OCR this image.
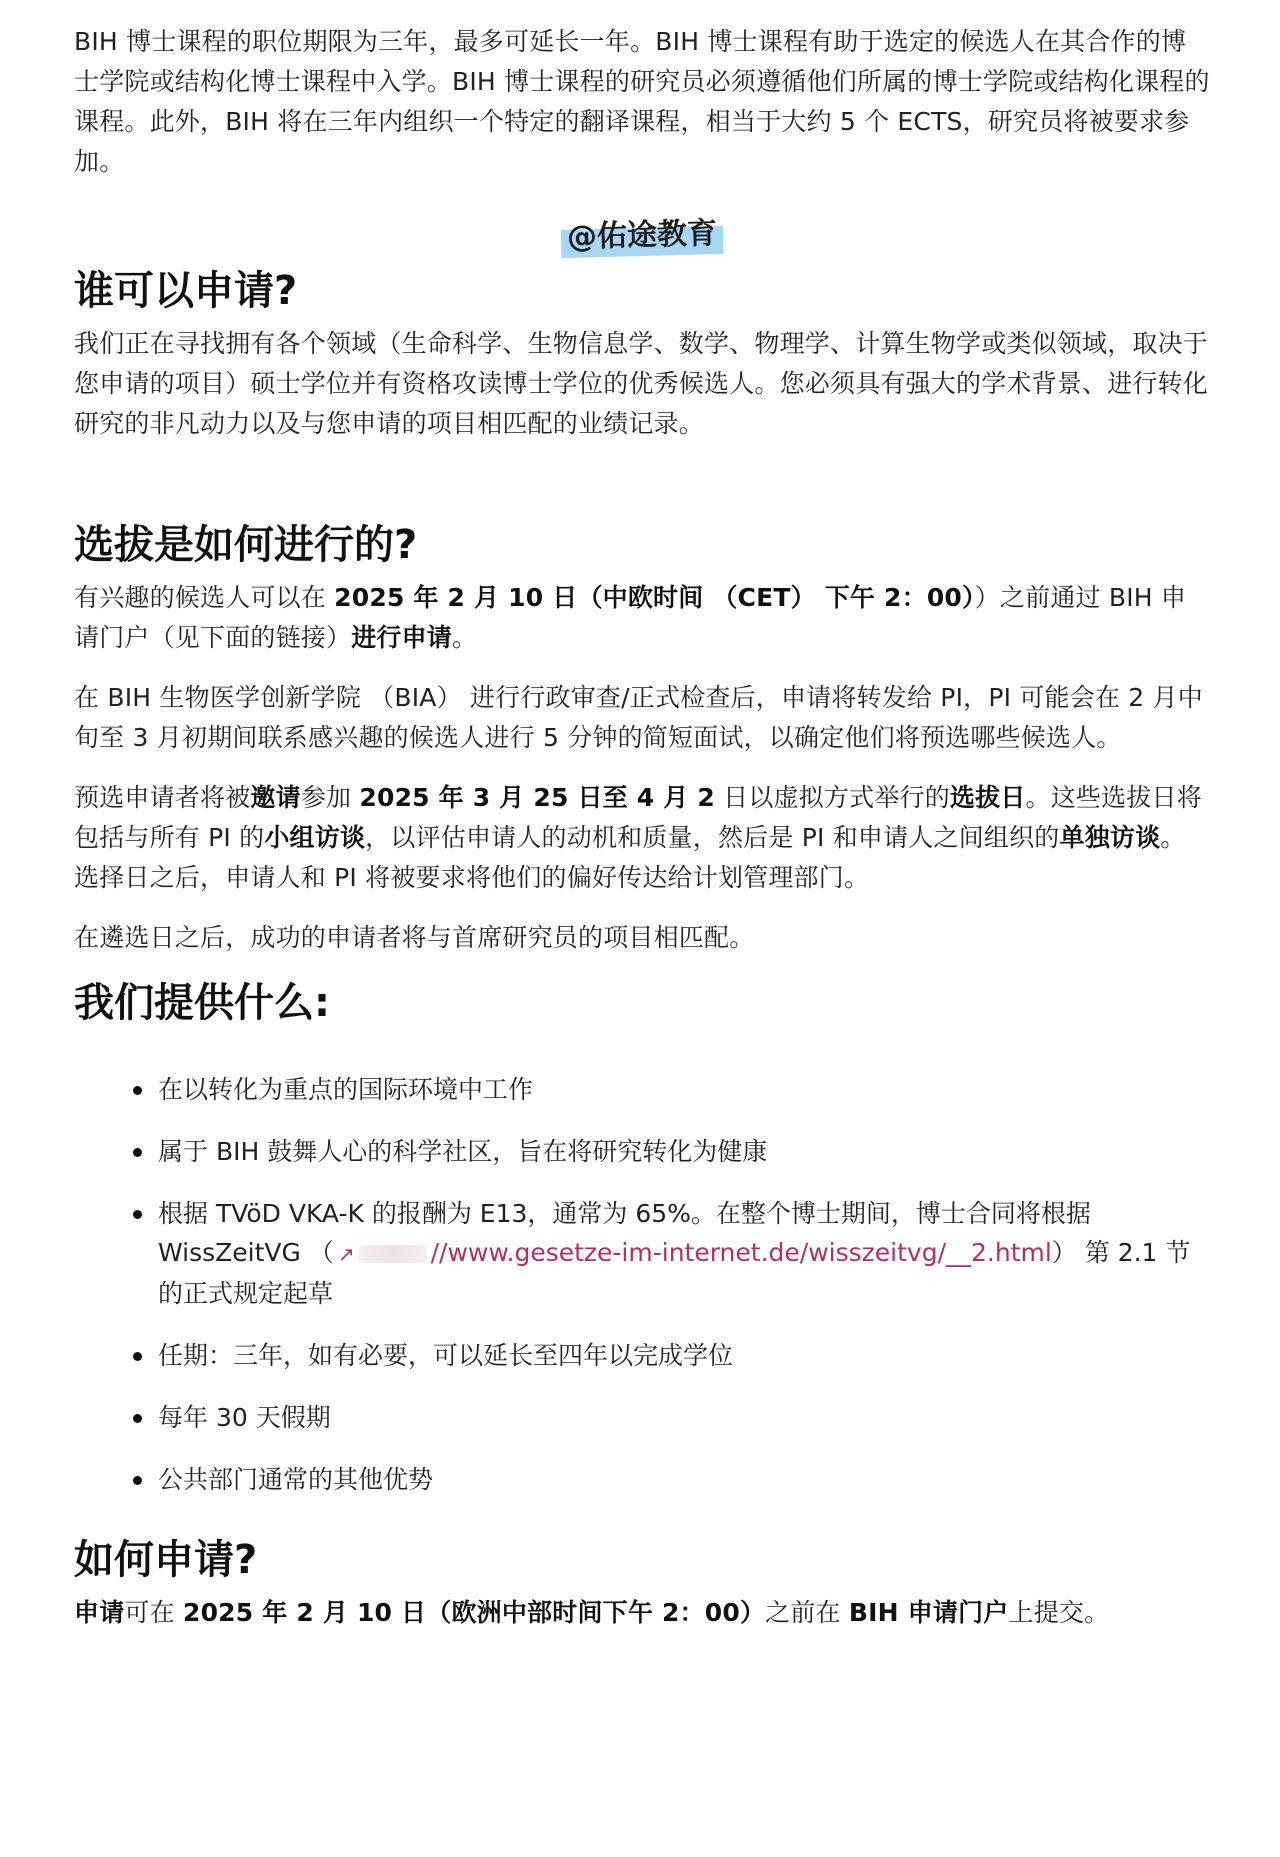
BIH 博士课程的职位期限为三年，最多可延长一年。BIH 博士课程有助于选定的候选人在其合作的博士学院或结构化博士课程中入学。BIH 博士课程的研究员必须遵循他们所属的博士学院或结构化课程的课程。此外，BIH 将在三年内组织一个特定的翻译课程，相当于大约 5 个 ECTS，研究员将被要求参加。

@佑途教育
谁可以申请?

我们正在寻找拥有各个领域（生命科学、生物信息学、数学、物理学、计算生物学或类似领域，取决于您申请的项目）硕士学位并有资格攻读博士学位的优秀候选人。您必须具有强大的学术背景、进行转化研究的非凡动力以及与您申请的项目相匹配的业绩记录。

选拔是如何进行的?

有兴趣的候选人可以在 2025 年 2 月 10 日（中欧时间 （CET） 下午 2：00））之前通过 BIH 申请门户（见下面的链接）进行申请。

在 BIH 生物医学创新学院 （BIA） 进行行政审查/正式检查后，申请将转发给 PI，PI 可能会在 2 月中旬至 3 月初期间联系感兴趣的候选人进行 5 分钟的简短面试，以确定他们将预选哪些候选人。

预选申请者将被邀请参加 2025 年 3 月 25 日至 4 月 2 日以虚拟方式举行的选拔日。这些选拔日将包括与所有 PI 的小组访谈，以评估申请人的动机和质量，然后是 PI 和申请人之间组织的单独访谈。选择日之后，申请人和 PI 将被要求将他们的偏好传达给计划管理部门。

在遴选日之后，成功的申请者将与首席研究员的项目相匹配。

我们提供什么:
在以转化为重点的国际环境中工作
属于 BIH 鼓舞人心的科学社区，旨在将研究转化为健康
根据 TVöD VKA-K 的报酬为 E13，通常为 65%。在整个博士期间，博士合同将根据 WissZeitVG （ ↗	//www.gesetze-im-internet.de/wisszeitvg/__2.html） 第 2.1 节的正式规定起草
任期：三年，如有必要，可以延长至四年以完成学位
每年 30 天假期
公共部门通常的其他优势
如何申请?

申请可在 2025 年 2 月 10 日（欧洲中部时间下午 2：00）之前在 BIH 申请门户上提交。
